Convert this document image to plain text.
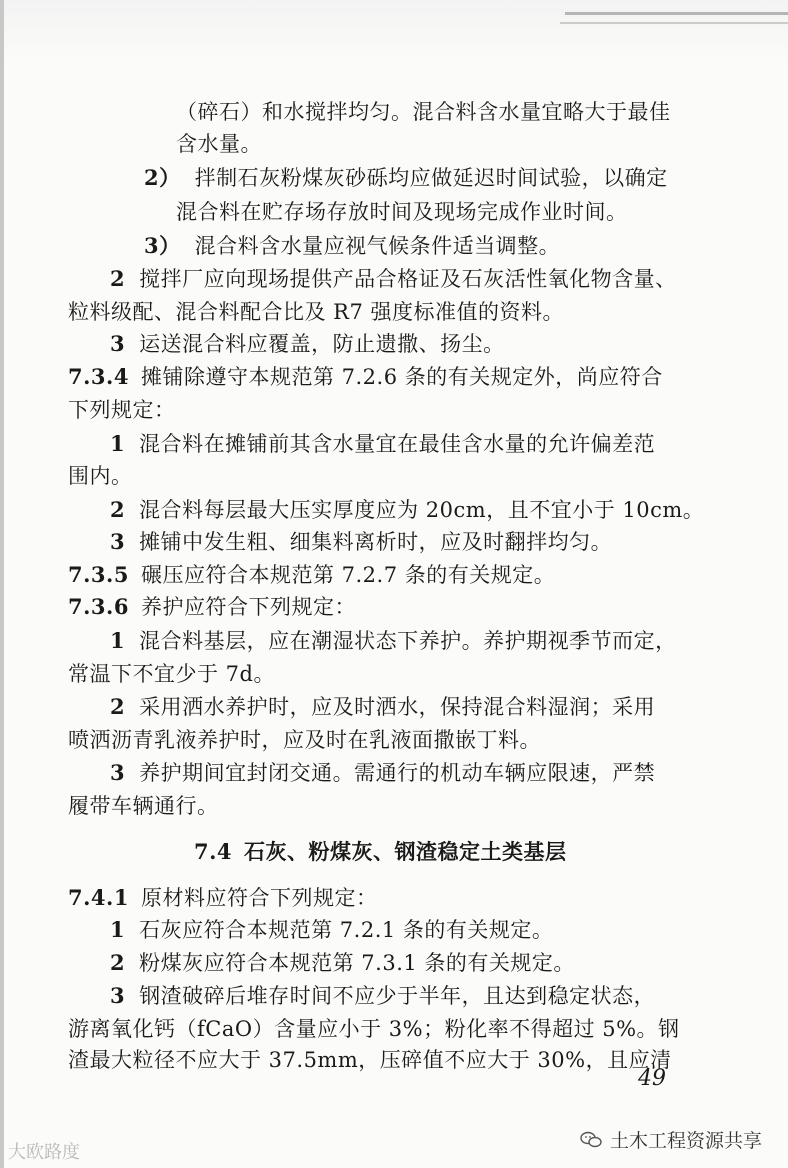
（碎石）和水搅拌均匀。混合料含水量宜略大于最佳
含水量。
2） 拌制石灰粉煤灰砂砾均应做延迟时间试验，以确定
混合料在贮存场存放时间及现场完成作业时间。
3） 混合料含水量应视气候条件适当调整。
2 搅拌厂应向现场提供产品合格证及石灰活性氧化物含量、
粒料级配、混合料配合比及 R7 强度标准值的资料。
3 运送混合料应覆盖，防止遗撒、扬尘。
7.3.4 摊铺除遵守本规范第 7.2.6 条的有关规定外，尚应符合
下列规定：
1 混合料在摊铺前其含水量宜在最佳含水量的允许偏差范
围内。
2 混合料每层最大压实厚度应为 20cm，且不宜小于 10cm。
3 摊铺中发生粗、细集料离析时，应及时翻拌均匀。
7.3.5 碾压应符合本规范第 7.2.7 条的有关规定。
7.3.6 养护应符合下列规定：
1 混合料基层，应在潮湿状态下养护。养护期视季节而定，
常温下不宜少于 7d。
2 采用洒水养护时，应及时洒水，保持混合料湿润；采用
喷洒沥青乳液养护时，应及时在乳液面撒嵌丁料。
3 养护期间宜封闭交通。需通行的机动车辆应限速，严禁
履带车辆通行。
7.4 石灰、粉煤灰、钢渣稳定土类基层
7.4.1 原材料应符合下列规定：
1 石灰应符合本规范第 7.2.1 条的有关规定。
2 粉煤灰应符合本规范第 7.3.1 条的有关规定。
3 钢渣破碎后堆存时间不应少于半年，且达到稳定状态，
游离氧化钙（fCaO）含量应小于 3%；粉化率不得超过 5%。钢
渣最大粒径不应大于 37.5mm，压碎值不应大于 30%，且应清
49
大欧路度
土木工程资源共享
